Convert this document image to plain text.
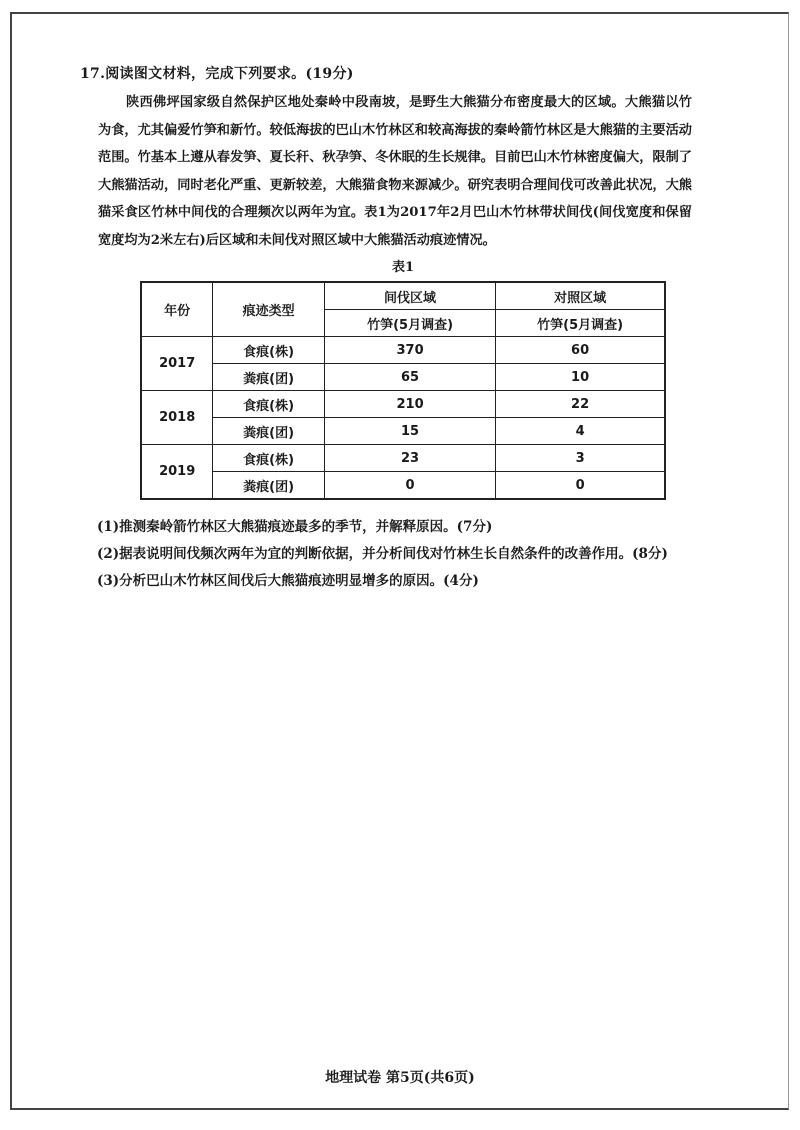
17.阅读图文材料，完成下列要求。(19分)
陕西佛坪国家级自然保护区地处秦岭中段南坡，是野生大熊猫分布密度最大的区域。大熊猫以竹为食，尤其偏爱竹笋和新竹。较低海拔的巴山木竹林区和较高海拔的秦岭箭竹林区是大熊猫的主要活动范围。竹基本上遵从春发笋、夏长秆、秋孕笋、冬休眠的生长规律。目前巴山木竹林密度偏大，限制了大熊猫活动，同时老化严重、更新较差，大熊猫食物来源减少。研究表明合理间伐可改善此状况，大熊猫采食区竹林中间伐的合理频次以两年为宜。表1为2017年2月巴山木竹林带状间伐(间伐宽度和保留宽度均为2米左右)后区域和未间伐对照区域中大熊猫活动痕迹情况。
表1
年份	痕迹类型	间伐区域	对照区域
		竹笋(5月调查)	竹笋(5月调查)
2017	食痕(株)	370	60
	粪痕(团)	65	10
2018	食痕(株)	210	22
	粪痕(团)	15	4
2019	食痕(株)	23	3
	粪痕(团)	0	0
(1)推测秦岭箭竹林区大熊猫痕迹最多的季节，并解释原因。(7分)
(2)据表说明间伐频次两年为宜的判断依据，并分析间伐对竹林生长自然条件的改善作用。(8分)
(3)分析巴山木竹林区间伐后大熊猫痕迹明显增多的原因。(4分)
地理试卷 第5页(共6页)
